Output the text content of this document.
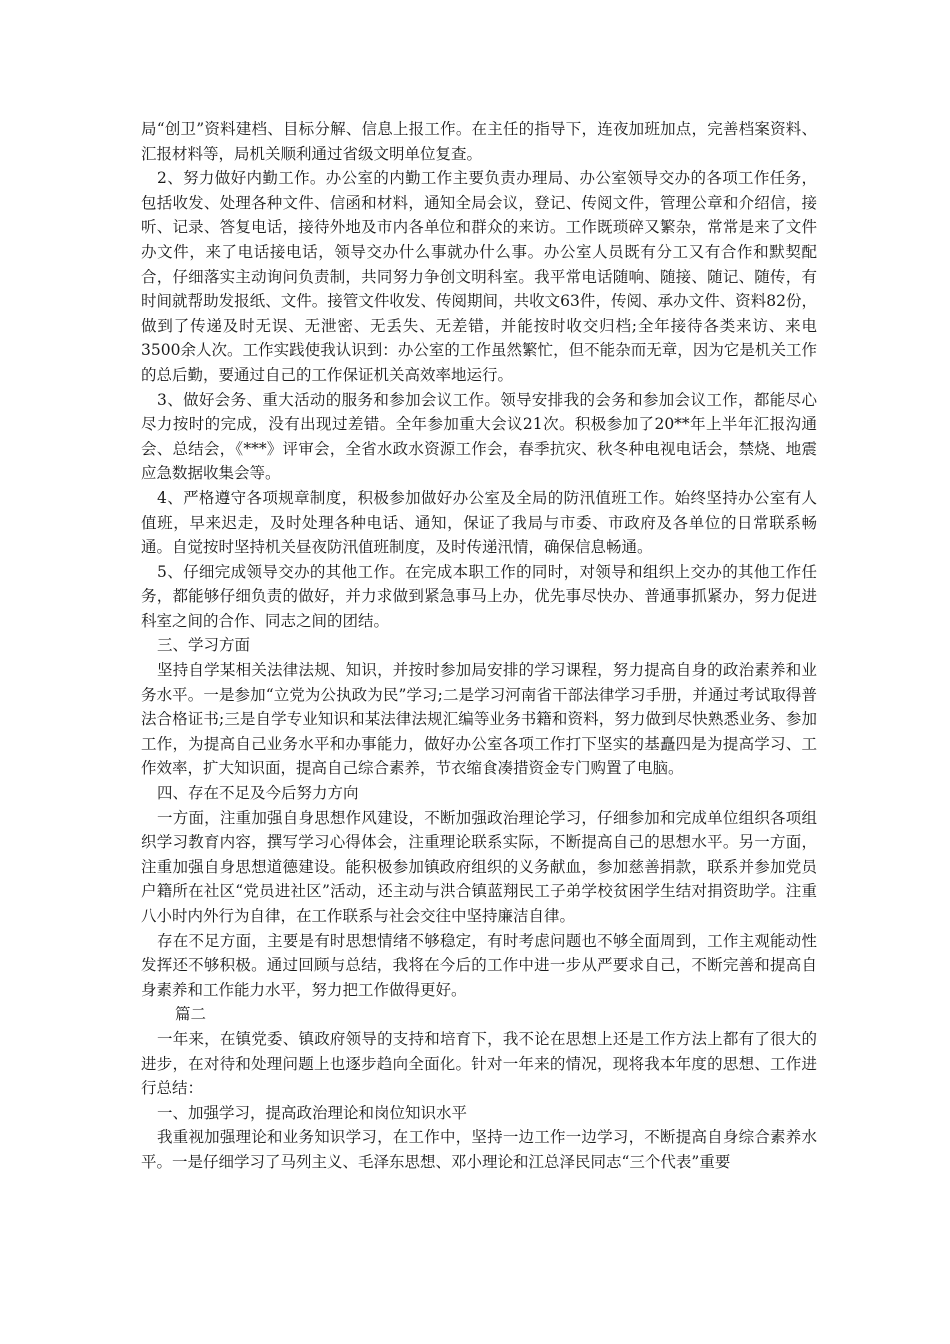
局“创卫”资料建档、目标分解、信息上报工作。在主任的指导下，连夜加班加点，完善档案资料、汇报材料等，局机关顺利通过省级文明单位复查。

2、努力做好内勤工作。办公室的内勤工作主要负责办理局、办公室领导交办的各项工作任务，包括收发、处理各种文件、信函和材料，通知全局会议，登记、传阅文件，管理公章和介绍信，接听、记录、答复电话，接待外地及市内各单位和群众的来访。工作既琐碎又繁杂，常常是来了文件办文件，来了电话接电话，领导交办什么事就办什么事。办公室人员既有分工又有合作和默契配合，仔细落实主动询问负责制，共同努力争创文明科室。我平常电话随响、随接、随记、随传，有时间就帮助发报纸、文件。接管文件收发、传阅期间，共收文63件，传阅、承办文件、资料82份，做到了传递及时无误、无泄密、无丢失、无差错，并能按时收交归档;全年接待各类来访、来电3500余人次。工作实践使我认识到：办公室的工作虽然繁忙，但不能杂而无章，因为它是机关工作的总后勤，要通过自己的工作保证机关高效率地运行。

3、做好会务、重大活动的服务和参加会议工作。领导安排我的会务和参加会议工作，都能尽心尽力按时的完成，没有出现过差错。全年参加重大会议21次。积极参加了20**年上半年汇报沟通会、总结会，《***》评审会，全省水政水资源工作会，春季抗灾、秋冬种电视电话会，禁烧、地震应急数据收集会等。

4、严格遵守各项规章制度，积极参加做好办公室及全局的防汛值班工作。始终坚持办公室有人值班，早来迟走，及时处理各种电话、通知，保证了我局与市委、市政府及各单位的日常联系畅通。自觉按时坚持机关昼夜防汛值班制度，及时传递汛情，确保信息畅通。

5、仔细完成领导交办的其他工作。在完成本职工作的同时，对领导和组织上交办的其他工作任务，都能够仔细负责的做好，并力求做到紧急事马上办，优先事尽快办、普通事抓紧办，努力促进科室之间的合作、同志之间的团结。

三、学习方面

坚持自学某相关法律法规、知识，并按时参加局安排的学习课程，努力提高自身的政治素养和业务水平。一是参加“立党为公执政为民”学习;二是学习河南省干部法律学习手册，并通过考试取得普法合格证书;三是自学专业知识和某法律法规汇编等业务书籍和资料，努力做到尽快熟悉业务、参加工作，为提高自己业务水平和办事能力，做好办公室各项工作打下坚实的基矗四是为提高学习、工作效率，扩大知识面，提高自己综合素养，节衣缩食凑措资金专门购置了电脑。

四、存在不足及今后努力方向

一方面，注重加强自身思想作风建设，不断加强政治理论学习，仔细参加和完成单位组织各项组织学习教育内容，撰写学习心得体会，注重理论联系实际，不断提高自己的思想水平。另一方面，注重加强自身思想道德建设。能积极参加镇政府组织的义务献血，参加慈善捐款，联系并参加党员户籍所在社区“党员进社区”活动，还主动与洪合镇蓝翔民工子弟学校贫困学生结对捐资助学。注重八小时内外行为自律，在工作联系与社会交往中坚持廉洁自律。

存在不足方面，主要是有时思想情绪不够稳定，有时考虑问题也不够全面周到，工作主观能动性发挥还不够积极。通过回顾与总结，我将在今后的工作中进一步从严要求自己，不断完善和提高自身素养和工作能力水平，努力把工作做得更好。

篇二

一年来，在镇党委、镇政府领导的支持和培育下，我不论在思想上还是工作方法上都有了很大的进步，在对待和处理问题上也逐步趋向全面化。针对一年来的情况，现将我本年度的思想、工作进行总结：

一、加强学习，提高政治理论和岗位知识水平

我重视加强理论和业务知识学习，在工作中，坚持一边工作一边学习，不断提高自身综合素养水平。一是仔细学习了马列主义、毛泽东思想、邓小理论和江总泽民同志“三个代表”重要
